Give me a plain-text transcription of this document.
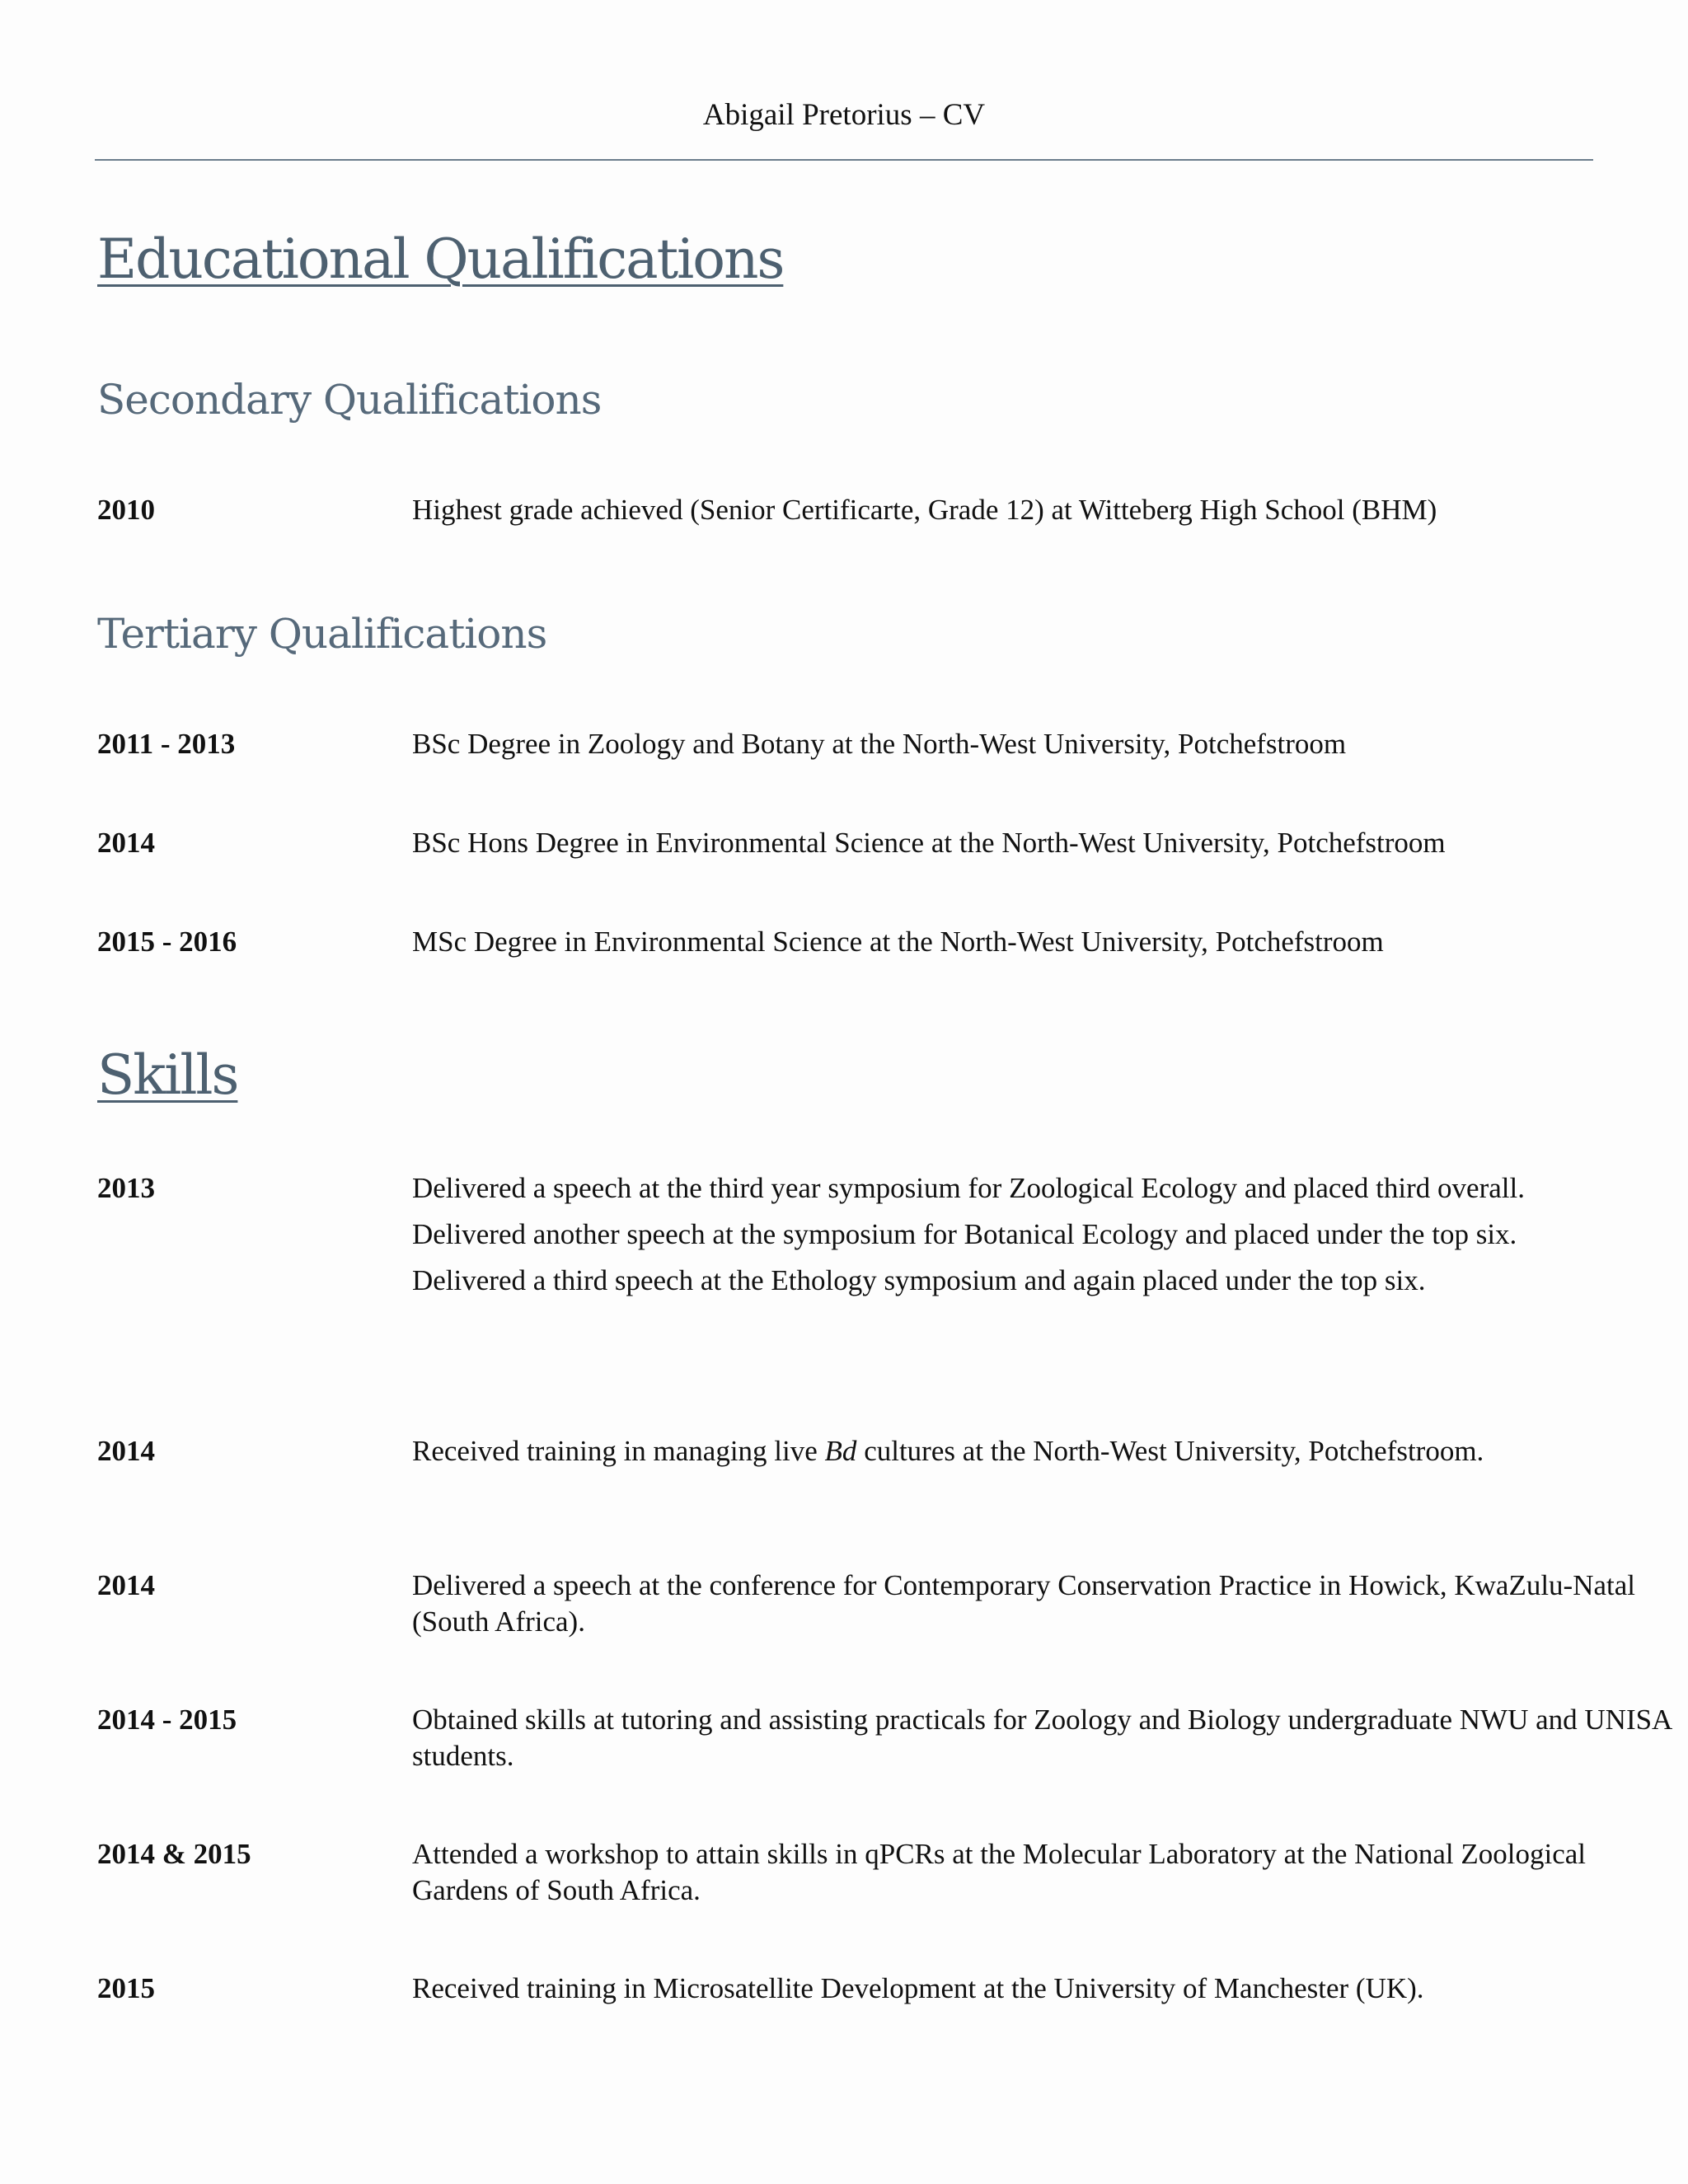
Abigail Pretorius – CV
Educational Qualifications
Secondary Qualifications
2010	Highest grade achieved (Senior Certificarte, Grade 12) at Witteberg High School (BHM)
Tertiary Qualifications
2011 - 2013	BSc Degree in Zoology and Botany at the North-West University, Potchefstroom
2014	BSc Hons Degree in Environmental Science at the North-West University, Potchefstroom
2015 - 2016	MSc Degree in Environmental Science at the North-West University, Potchefstroom
Skills
2013	Delivered a speech at the third year symposium for Zoological Ecology and placed third overall.

Delivered another speech at the symposium for Botanical Ecology and placed under the top six.

Delivered a third speech at the Ethology symposium and again placed under the top six.

2014	Received training in managing live Bd cultures at the North-West University, Potchefstroom.
2014	Delivered a speech at the conference for Contemporary Conservation Practice in Howick, KwaZulu-Natal (South Africa).
2014 - 2015	Obtained skills at tutoring and assisting practicals for Zoology and Biology undergraduate NWU and UNISA students.
2014 & 2015	Attended a workshop to attain skills in qPCRs at the Molecular Laboratory at the National Zoological Gardens of South Africa.
2015	Received training in Microsatellite Development at the University of Manchester (UK).
